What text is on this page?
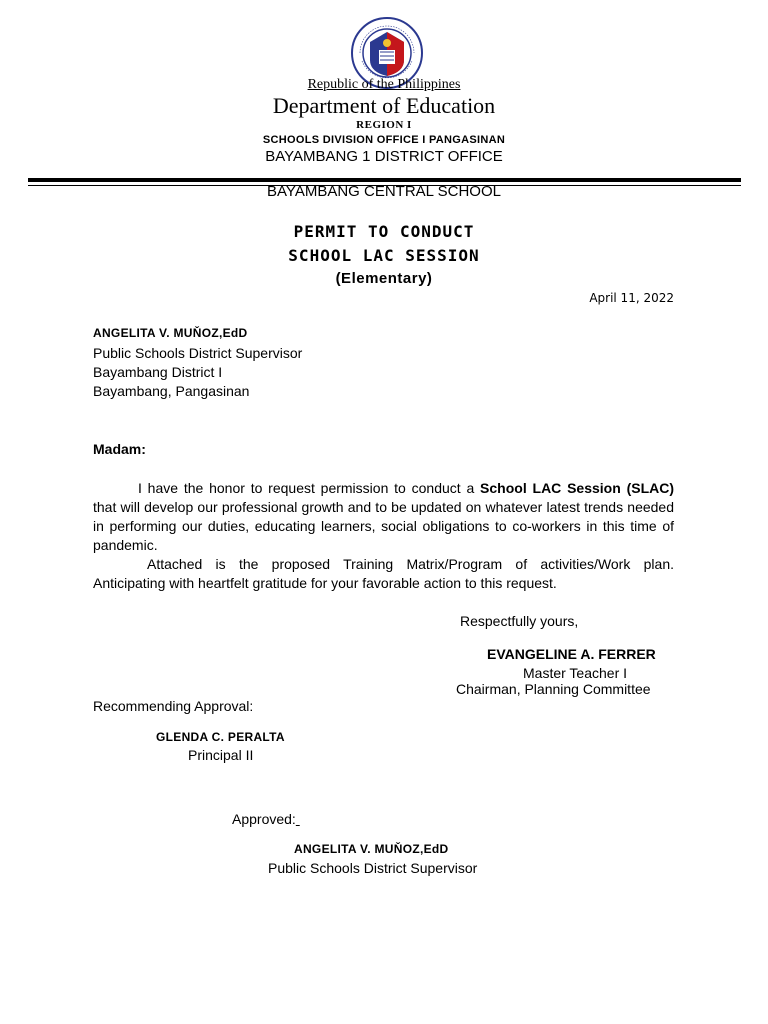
Republic of the Philippines
Department of Education
REGION I
SCHOOLS DIVISION OFFICE I PANGASINAN
BAYAMBANG 1 DISTRICT OFFICE
BAYAMBANG CENTRAL SCHOOL
PERMIT TO CONDUCT
SCHOOL LAC SESSION
(Elementary)
April 11, 2022
ANGELITA V. MUŇOZ,EdD
Public Schools District Supervisor
Bayambang District I
Bayambang, Pangasinan
Madam:

I have the honor to request permission to conduct a School LAC Session (SLAC) that will develop our professional growth and to be updated on whatever latest trends needed in performing our duties, educating learners, social obligations to co-workers in this time of pandemic.

Attached is the proposed Training Matrix/Program of activities/Work plan. Anticipating with heartfelt gratitude for your favorable action to this request.

Respectfully yours,
EVANGELINE A. FERRER
Master Teacher I
Chairman, Planning Committee
Recommending Approval:
GLENDA C. PERALTA
Principal II
Approved:
ANGELITA V. MUŇOZ,EdD
Public Schools District Supervisor
